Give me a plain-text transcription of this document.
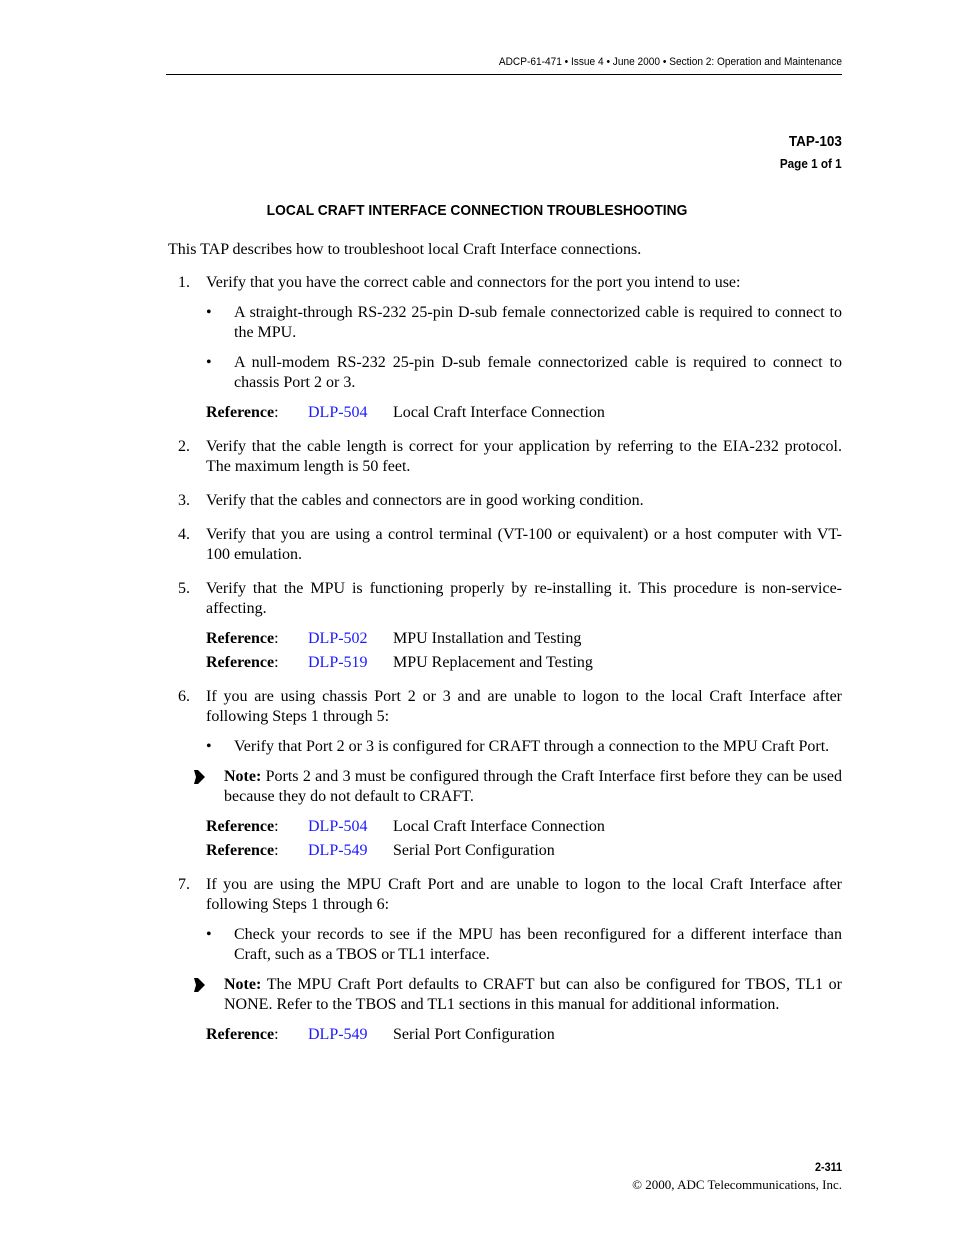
ADCP-61-471 • Issue 4 • June 2000 • Section 2: Operation and Maintenance
TAP-103
Page 1 of 1
LOCAL CRAFT INTERFACE CONNECTION TROUBLESHOOTING

This TAP describes how to troubleshoot local Craft Interface connections.

1. Verify that you have the correct cable and connectors for the port you intend to use:

• A straight-through RS-232 25-pin D-sub female connectorized cable is required to connect to the MPU.
• A null-modem RS-232 25-pin D-sub female connectorized cable is required to connect to chassis Port 2 or 3.
Reference: DLP-504 Local Craft Interface Connection
2. Verify that the cable length is correct for your application by referring to the EIA-232 protocol. The maximum length is 50 feet.

3. Verify that the cables and connectors are in good working condition.

4. Verify that you are using a control terminal (VT-100 or equivalent) or a host computer with VT-100 emulation.

5. Verify that the MPU is functioning properly by re-installing it. This procedure is non-service-affecting.

Reference: DLP-502 MPU Installation and Testing
Reference: DLP-519 MPU Replacement and Testing
6. If you are using chassis Port 2 or 3 and are unable to logon to the local Craft Interface after following Steps 1 through 5:

• Verify that Port 2 or 3 is configured for CRAFT through a connection to the MPU Craft Port.
Note: Ports 2 and 3 must be configured through the Craft Interface first before they can be used because they do not default to CRAFT.
Reference: DLP-504 Local Craft Interface Connection
Reference: DLP-549 Serial Port Configuration
7. If you are using the MPU Craft Port and are unable to logon to the local Craft Interface after following Steps 1 through 6:

• Check your records to see if the MPU has been reconfigured for a different interface than Craft, such as a TBOS or TL1 interface.
Note: The MPU Craft Port defaults to CRAFT but can also be configured for TBOS, TL1 or NONE. Refer to the TBOS and TL1 sections in this manual for additional information.
Reference: DLP-549 Serial Port Configuration
2-311
© 2000, ADC Telecommunications, Inc.
